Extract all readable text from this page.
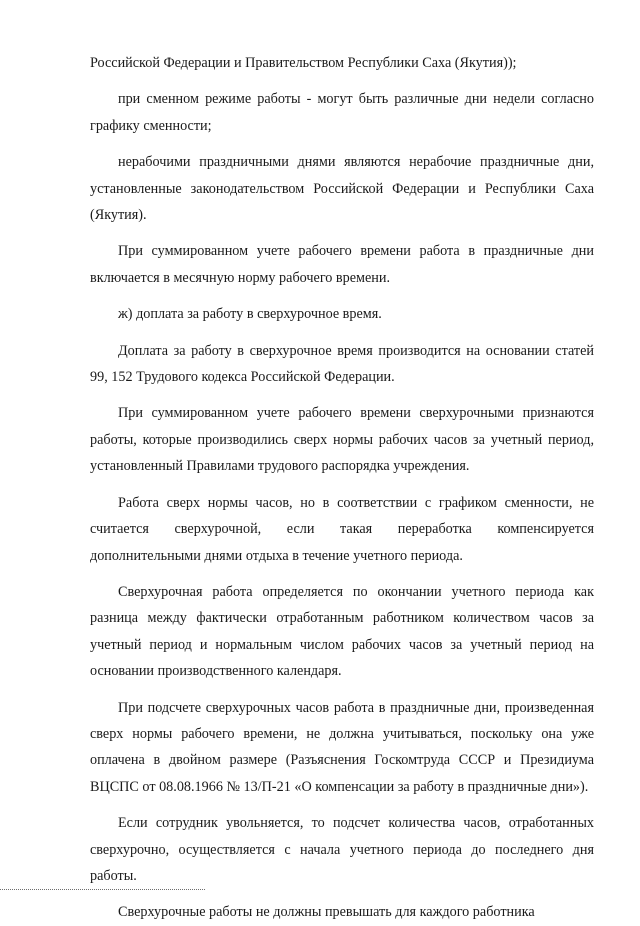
Российской Федерации и Правительством Республики Саха (Якутия));

при сменном режиме работы - могут быть различные дни недели согласно графику сменности;

нерабочими праздничными днями являются нерабочие праздничные дни, установленные законодательством Российской Федерации и Республики Саха (Якутия).

При суммированном учете рабочего времени работа в праздничные дни включается в месячную норму рабочего времени.

ж) доплата за работу в сверхурочное время.

Доплата за работу в сверхурочное время производится на основании статей 99, 152 Трудового кодекса Российской Федерации.

При суммированном учете рабочего времени сверхурочными признаются работы, которые производились сверх нормы рабочих часов за учетный период, установленный Правилами трудового распорядка учреждения.

Работа сверх нормы часов, но в соответствии с графиком сменности, не считается сверхурочной, если такая переработка компенсируется дополнительными днями отдыха в течение учетного периода.

Сверхурочная работа определяется по окончании учетного периода как разница между фактически отработанным работником количеством часов за учетный период и нормальным числом рабочих часов за учетный период на основании производственного календаря.

При подсчете сверхурочных часов работа в праздничные дни, произведенная сверх нормы рабочего времени, не должна учитываться, поскольку она уже оплачена в двойном размере (Разъяснения Госкомтруда СССР и Президиума ВЦСПС от 08.08.1966 № 13/П-21 «О компенсации за работу в праздничные дни»).

Если сотрудник увольняется, то подсчет количества часов, отработанных сверхурочно, осуществляется с начала учетного периода до последнего дня работы.

Сверхурочные работы не должны превышать для каждого работника
